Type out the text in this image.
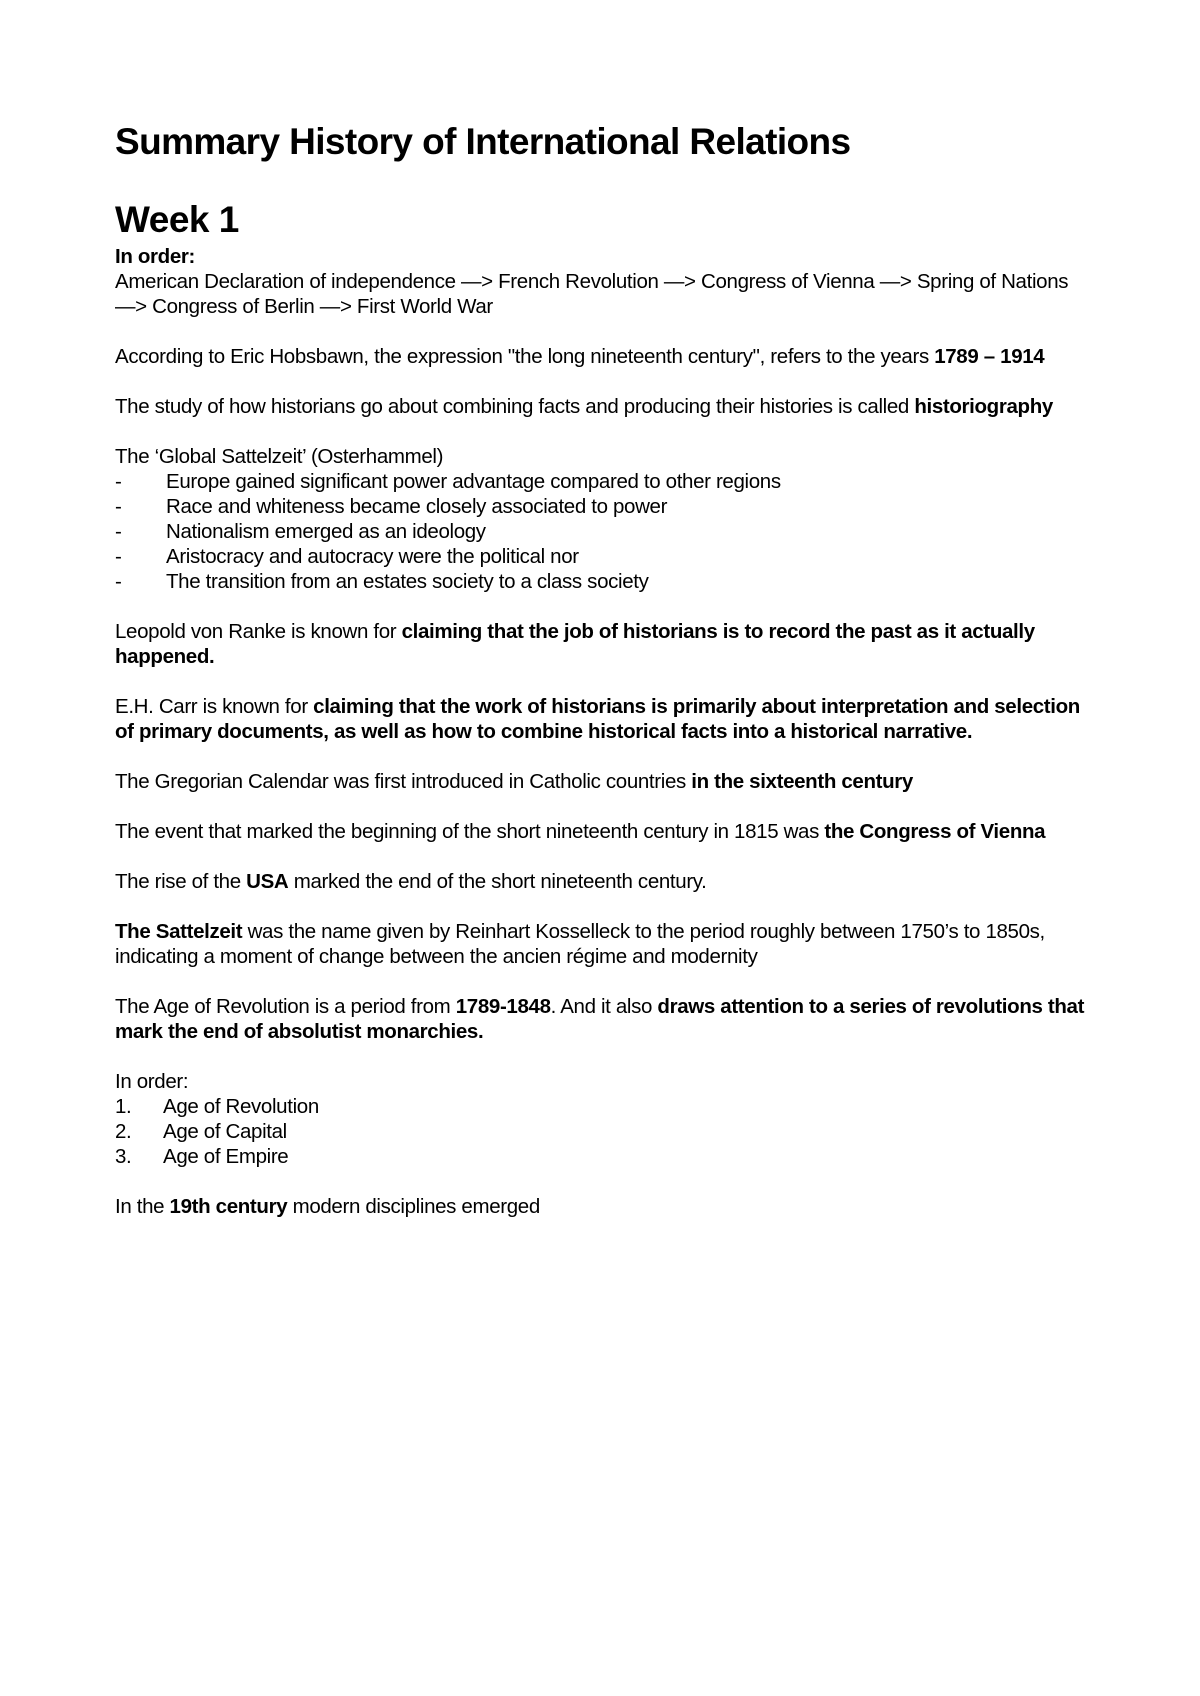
Summary History of International Relations
Week 1

In order:

American Declaration of independence —> French Revolution —> Congress of Vienna —> Spring of Nations —> Congress of Berlin —> First World War

According to Eric Hobsbawn, the expression "the long nineteenth century", refers to the years 1789 – 1914

The study of how historians go about combining facts and producing their histories is called historiography

The ‘Global Sattelzeit’ (Osterhammel)

-	Europe gained significant power advantage compared to other regions
-	Race and whiteness became closely associated to power
-	Nationalism emerged as an ideology
-	Aristocracy and autocracy were the political nor
-	The transition from an estates society to a class society

Leopold von Ranke is known for claiming that the job of historians is to record the past as it actually happened.

E.H. Carr is known for claiming that the work of historians is primarily about interpretation and selection of primary documents, as well as how to combine historical facts into a historical narrative.

The Gregorian Calendar was first introduced in Catholic countries in the sixteenth century

The event that marked the beginning of the short nineteenth century in 1815 was the Congress of Vienna

The rise of the USA marked the end of the short nineteenth century.

The Sattelzeit was the name given by Reinhart Kosselleck to the period roughly between 1750’s to 1850s, indicating a moment of change between the ancien régime and modernity

The Age of Revolution is a period from 1789-1848. And it also draws attention to a series of revolutions that mark the end of absolutist monarchies.

In order:

1. Age of Revolution
2. Age of Capital
3. Age of Empire

In the 19th century modern disciplines emerged
